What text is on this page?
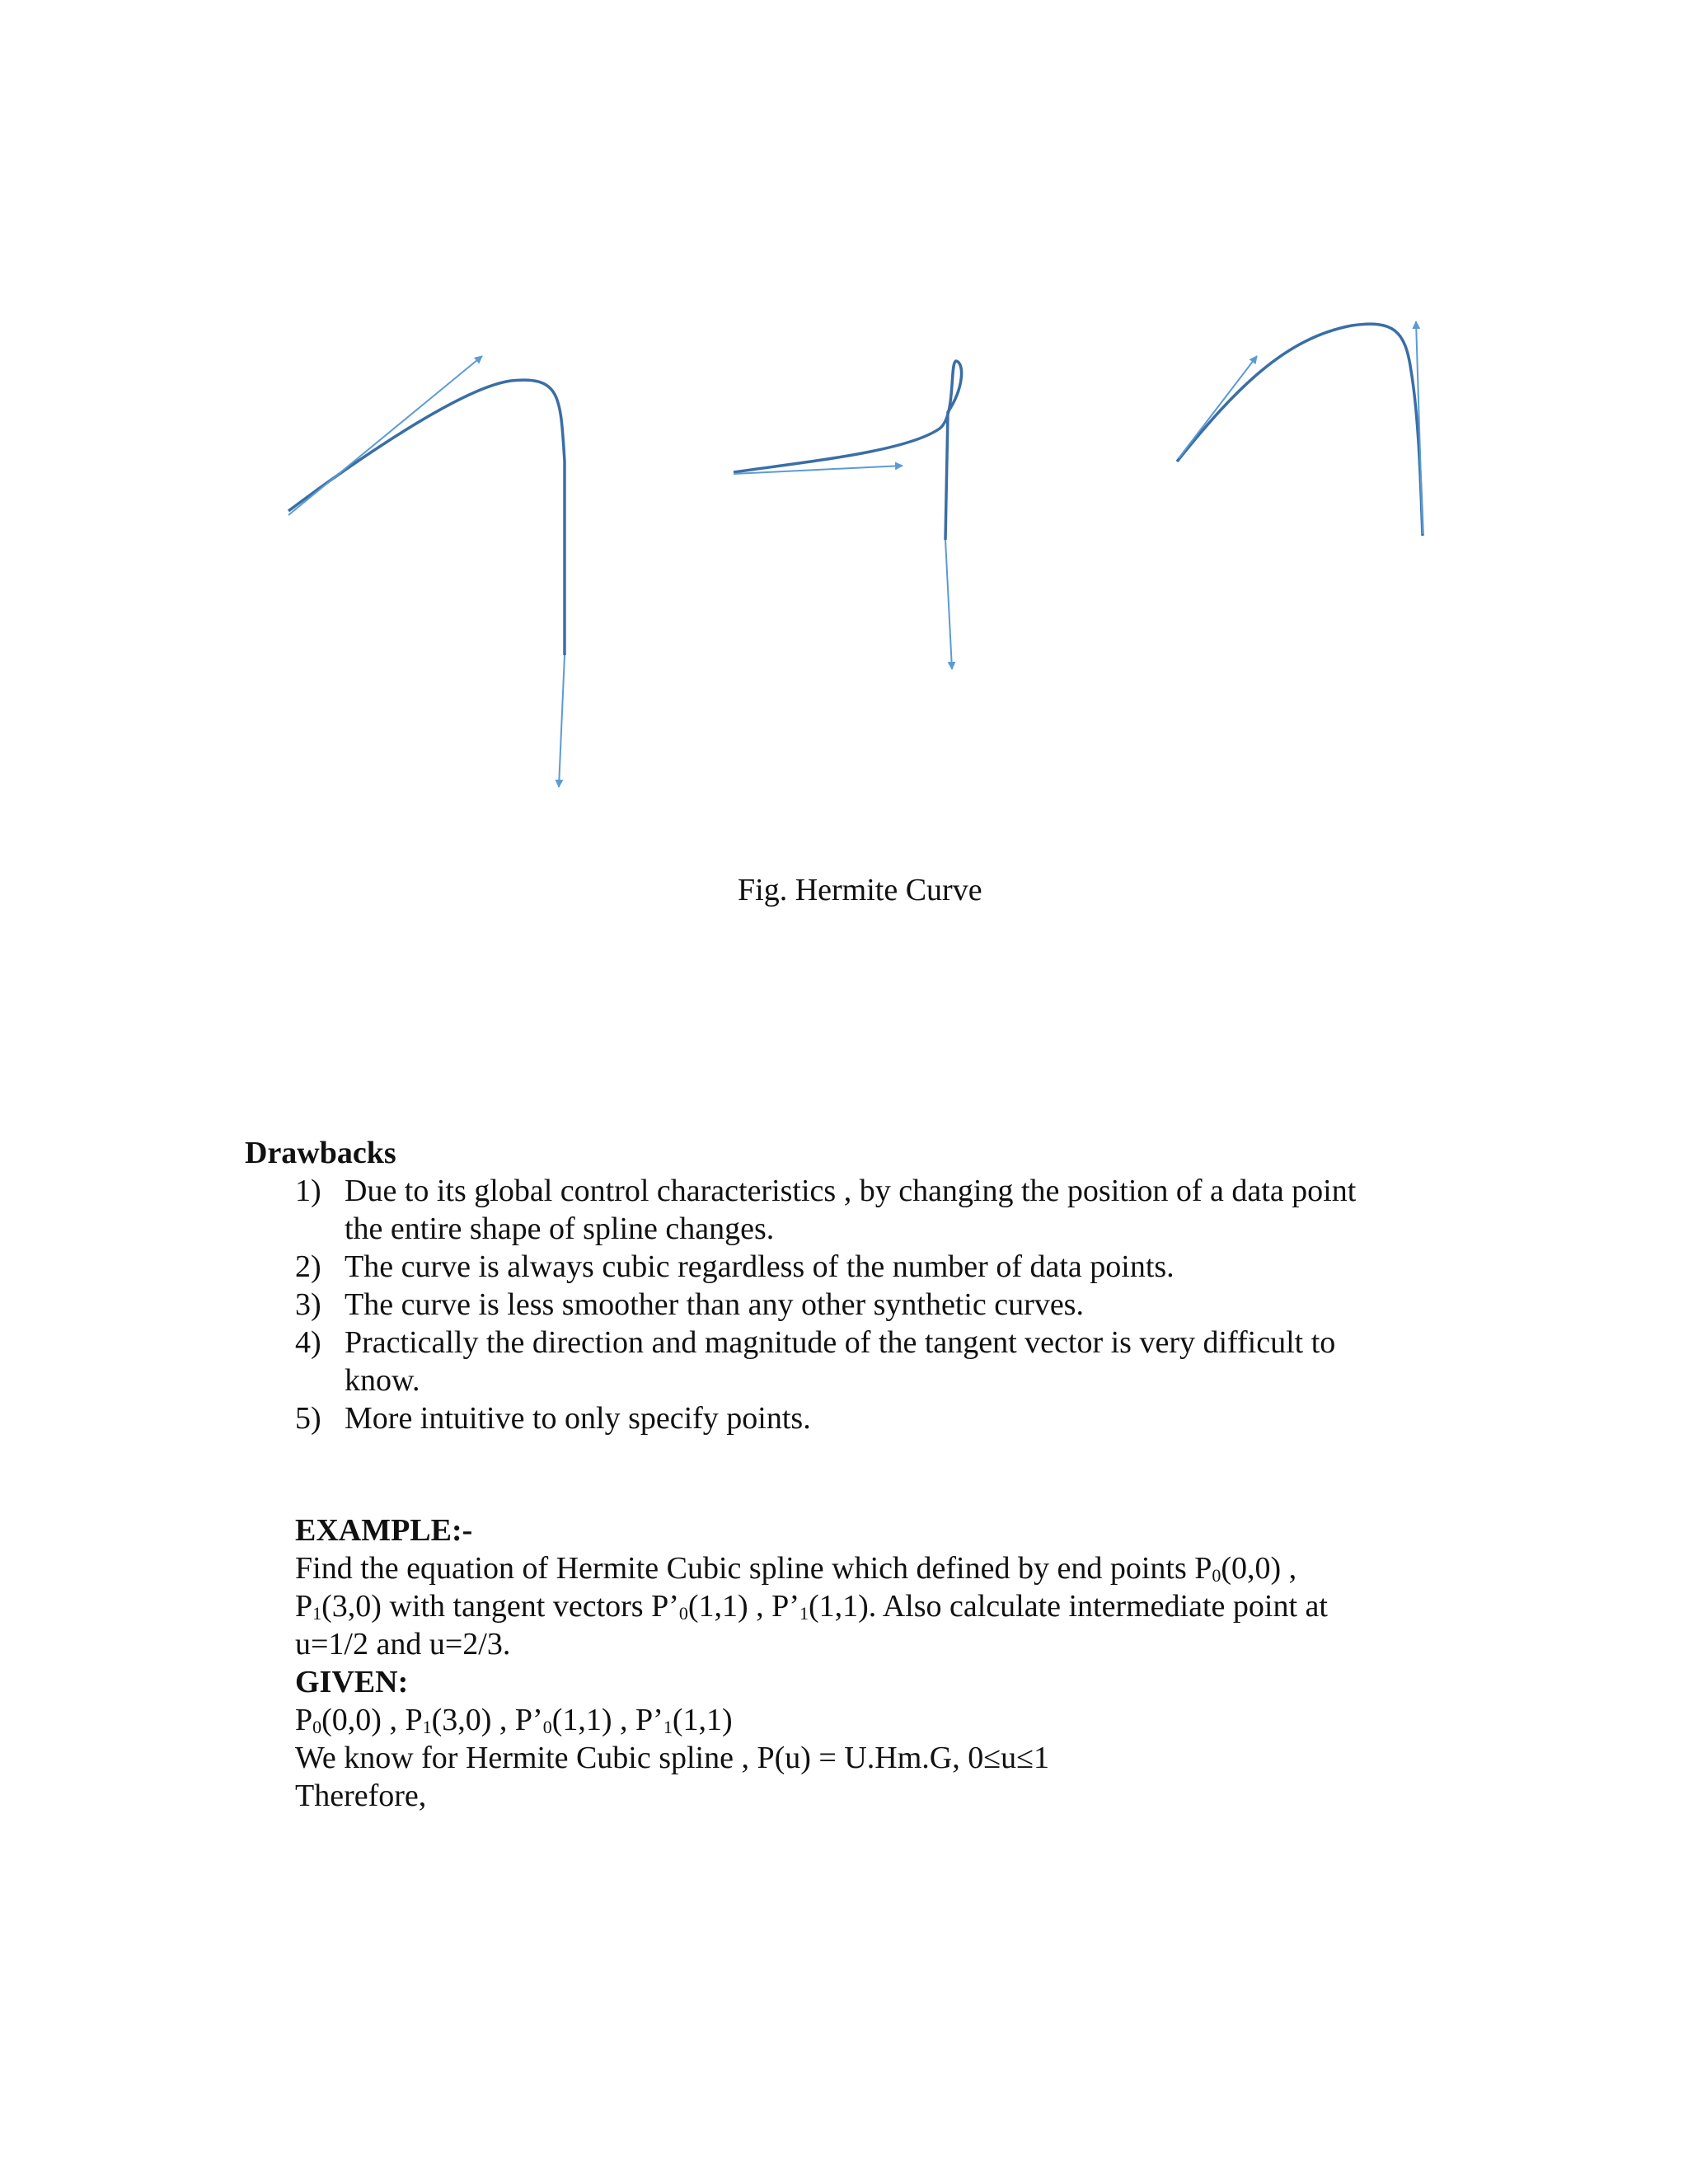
Fig. Hermite Curve
Drawbacks
1) Due to its global control characteristics , by changing the position of a data point
the entire shape of spline changes.
2) The curve is always cubic regardless of the number of data points.
3) The curve is less smoother than any other synthetic curves.
4) Practically the direction and magnitude of the tangent vector is very difficult to
know.
5) More intuitive to only specify points.
EXAMPLE:-
Find the equation of Hermite Cubic spline which defined by end points $P_0(0,0)$ ,
$P_1(3,0)$ with tangent vectors $P’_0(1,1)$ , $P’_1(1,1)$. Also calculate intermediate point at
u=1/2 and u=2/3.
GIVEN:
$P_0(0,0)$ , $P_1(3,0)$ , $P’_0(1,1)$ , $P’_1(1,1)$
We know for Hermite Cubic spline , P(u) = U.Hm.G, 0≤u≤1
Therefore,
